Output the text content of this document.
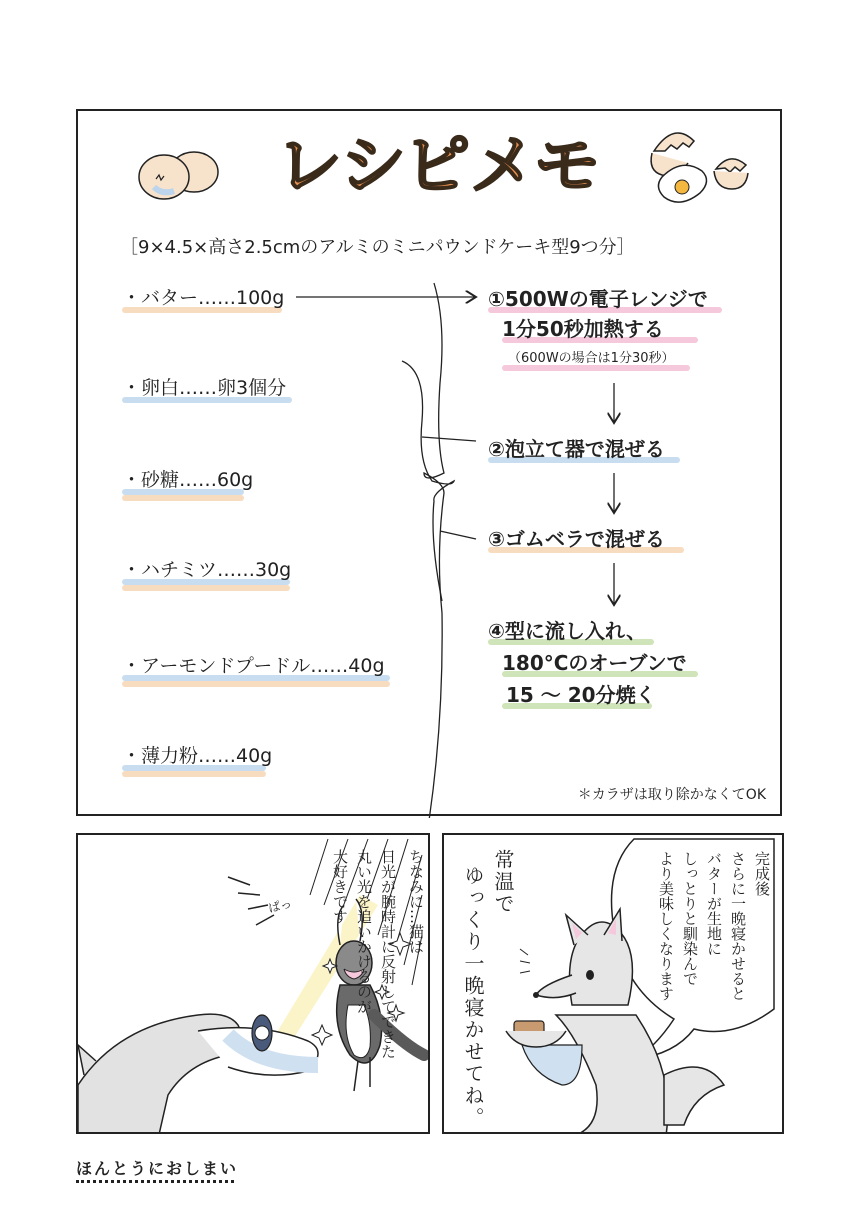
レ
シ
ピ メ
モ
［9×4.5×高さ2.5cmのアルミのミニパウンドケーキ型9つ分］
・バター……100g
・卵白……卵3個分
・砂糖……60g
・ハチミツ……30g
・アーモンドプードル……40g
・薄力粉……40g
①500Wの電子レンジで
1分50秒加熱する
（600Wの場合は1分30秒）
②泡立て器で混ぜる
③ゴムベラで混ぜる
④型に流し入れ、
180°Cのオーブンで
15 〜 20分焼く
＊カラザは取り除かなくてOK
ちなみに…猫は
日光が腕時計に反射してできた
丸い光を追いかけるのが
大好きです
ぱっ	常温で
ゆっくり一晩寝かせてね。	完成後
さらに一晩寝かせると
バターが生地に
しっとりと馴染んで
より美味しくなります
ほんとうにおしまい
